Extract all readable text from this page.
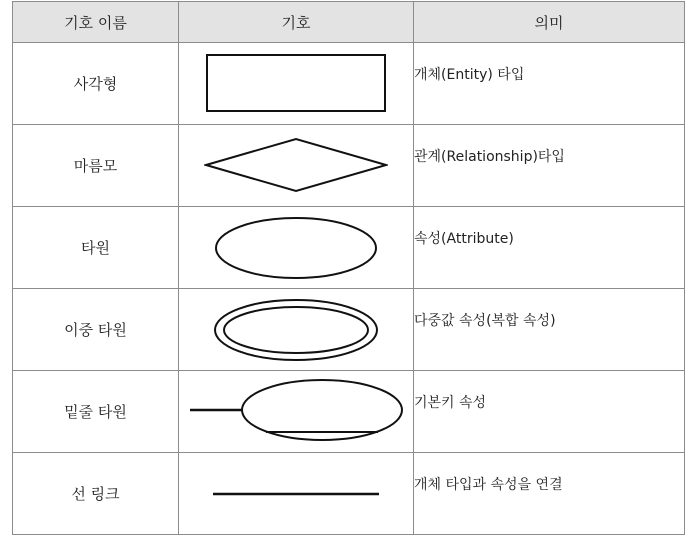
기호 이름	기호	의미
사각형		개체(Entity) 타입
마름모		관계(Relationship)타입
타원		속성(Attribute)
이중 타원		다중값 속성(복합 속성)
밑줄 타원		기본키 속성
선 링크		개체 타입과 속성을 연결
